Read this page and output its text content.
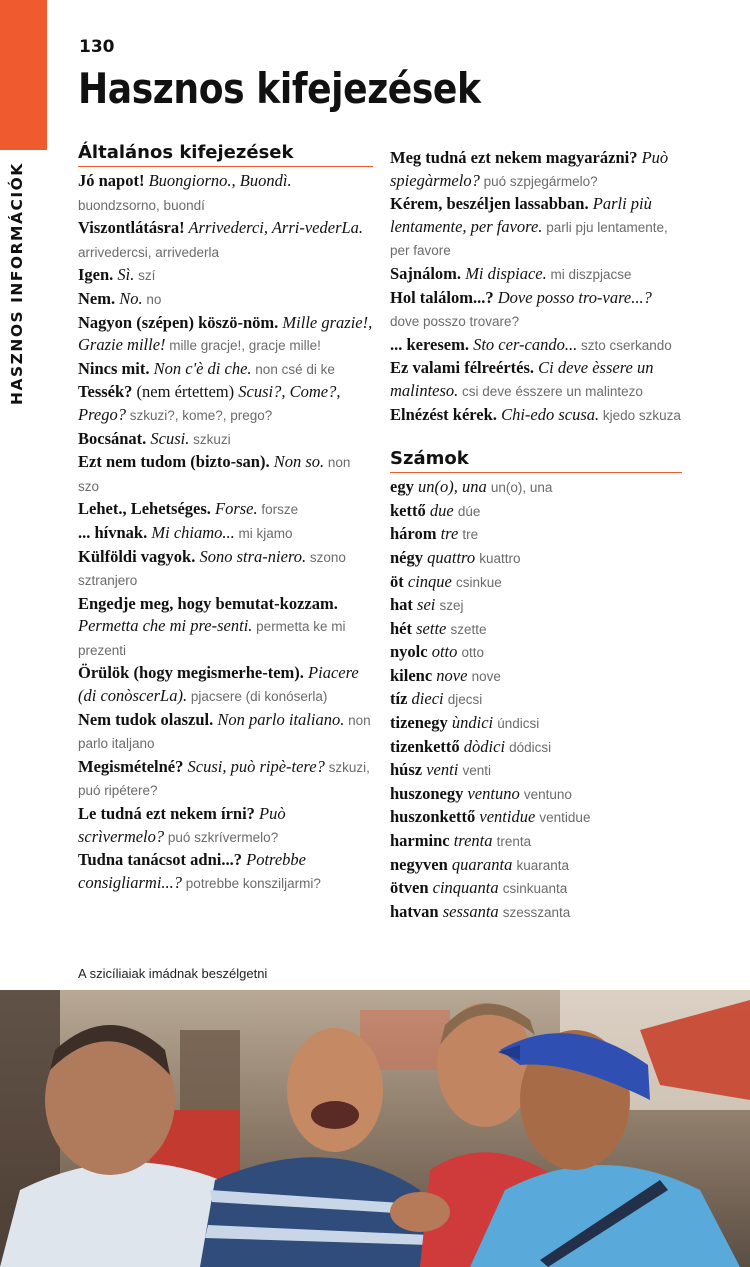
HASZNOS INFORMÁCIÓK
130
Hasznos kifejezések
Általános kifejezések
Jó napot! Buongiorno., Buondì. buondzsorno, buondí
Viszontlátásra! Arrivederci, Arri-vederLa. arrivedercsi, arrivederla
Igen. Sì. szí
Nem. No. no
Nagyon (szépen) köszö-nöm. Mille grazie!, Grazie mille! mille gracje!, gracje mille!
Nincs mit. Non c'è di che. non csé di ke
Tessék? (nem értettem) Scusi?, Come?, Prego? szkuzi?, kome?, prego?
Bocsánat. Scusi. szkuzi
Ezt nem tudom (bizto-san). Non so. non szo
Lehet., Lehetséges. Forse. forsze
... hívnak. Mi chiamo... mi kjamo
Külföldi vagyok. Sono stra-niero. szono sztranjero
Engedje meg, hogy bemutat-kozzam. Permetta che mi pre-senti. permetta ke mi prezenti
Örülök (hogy megismerhe-tem). Piacere (di conòscerLa). pjacsere (di konóserla)
Nem tudok olaszul. Non parlo italiano. non parlo italjano
Megismételné? Scusi, può ripè-tere? szkuzi, puó ripétere?
Le tudná ezt nekem írni? Può scrìvermelo? puó szkrívermelo?
Tudna tanácsot adni...? Potrebbe consigliarmi...? potrebbe konsziljarmi?
Meg tudná ezt nekem magyarázni? Può spiegàrmelo? puó szpjegármelo?
Kérem, beszéljen lassabban. Parli più lentamente, per favore. parli pju lentamente, per favore
Sajnálom. Mi dispiace. mi diszpjacse
Hol találom...? Dove posso tro-vare...? dove posszo trovare?
... keresem. Sto cer-cando... szto cserkando
Ez valami félreértés. Ci deve èssere un malinteso. csi deve ésszere un malintezo
Elnézést kérek. Chi-edo scusa. kjedo szkuza
Számok
egy un(o), una un(o), una
kettő due dúe
három tre tre
négy quattro kuattro
öt cinque csinkue
hat sei szej
hét sette szette
nyolc otto otto
kilenc nove nove
tíz dieci djecsi
tizenegy ùndici úndicsi
tizenkettő dòdici dódicsi
húsz venti venti
huszonegy ventuno ventuno
huszonkettő ventidue ventidue
harminc trenta trenta
negyven quaranta kuaranta
ötven cinquanta csinkuanta
hatvan sessanta szesszanta
A szicíliaiak imádnak beszélgetni
